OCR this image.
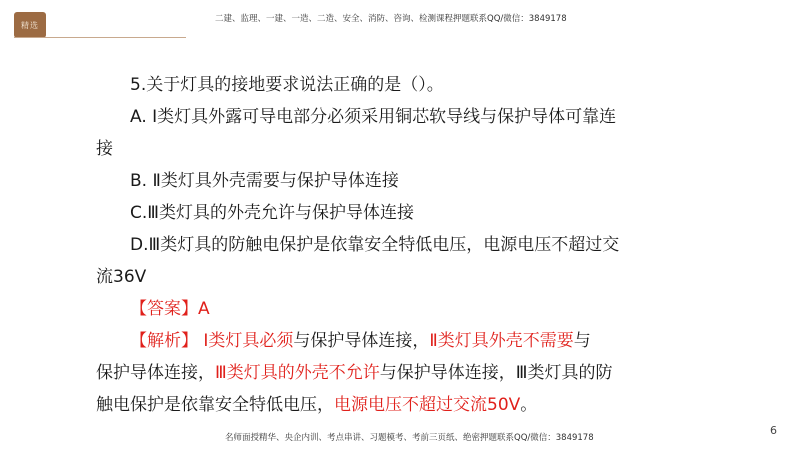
精选
二建、监理、一建、一造、二造、安全、消防、咨询、检测课程押题联系QQ/微信：3849178

5.关于灯具的接地要求说法正确的是（）。

A. Ⅰ类灯具外露可导电部分必须采用铜芯软导线与保护导体可靠连

接

B. Ⅱ类灯具外壳需要与保护导体连接

C.Ⅲ类灯具的外壳允许与保护导体连接

D.Ⅲ类灯具的防触电保护是依靠安全特低电压，电源电压不超过交

流36V

【答案】A

【解析】 Ⅰ类灯具必须与保护导体连接，Ⅱ类灯具外壳不需要与

保护导体连接，Ⅲ类灯具的外壳不允许与保护导体连接，Ⅲ类灯具的防

触电保护是依靠安全特低电压，电源电压不超过交流50V。

名师面授精华、央企内训、考点串讲、习题模考、考前三页纸、绝密押题联系QQ/微信：3849178
6
